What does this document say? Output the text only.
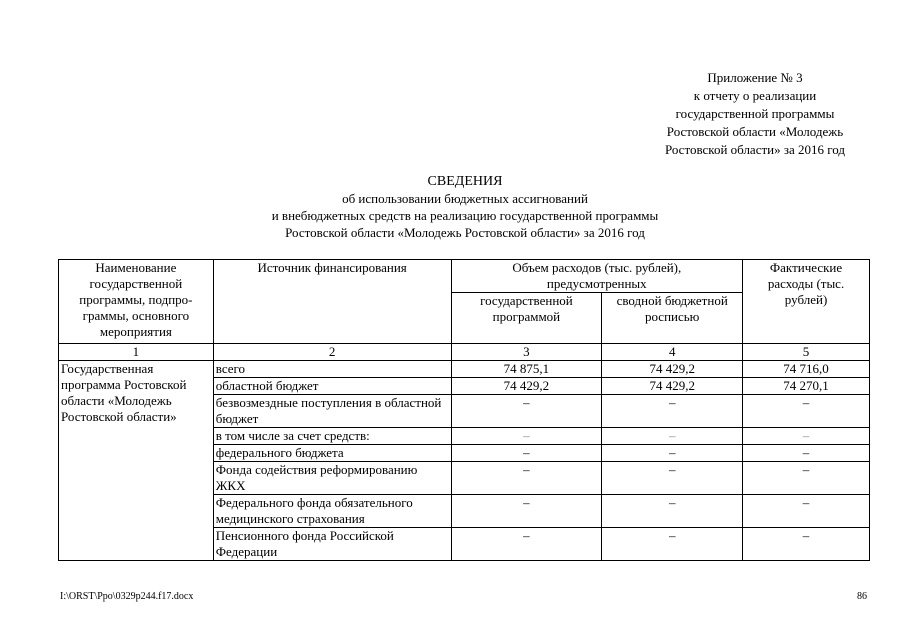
Приложение № 3
к отчету о реализации
государственной программы
Ростовской области «Молодежь
Ростовской области» за 2016 год
СВЕДЕНИЯ
об использовании бюджетных ассигнований
и внебюджетных средств на реализацию государственной программы
Ростовской области «Молодежь Ростовской области» за 2016 год
Наименование государственной программы, подпро-граммы, основного мероприятия	Источник финансирования	Объем расходов (тыс. рублей), предусмотренных		Фактические расходы (тыс. рублей)
		государственной программой	сводной бюджетной росписью	
1	2	3	4	5
Государственная программа Ростовской области «Молодежь Ростовской области»	всего	74 875,1	74 429,2	74 716,0
	областной бюджет	74 429,2	74 429,2	74 270,1
	безвозмездные поступления в областной бюджет	–	–	–
	в том числе за счет средств:	–	–	–
	федерального бюджета	–	–	–
	Фонда содействия реформированию ЖКХ	–	–	–
	Федерального фонда обязательного медицинского страхования	–	–	–
	Пенсионного фонда Российской Федерации	–	–	–
I:\ORST\Ppo\0329p244.f17.docx	86
